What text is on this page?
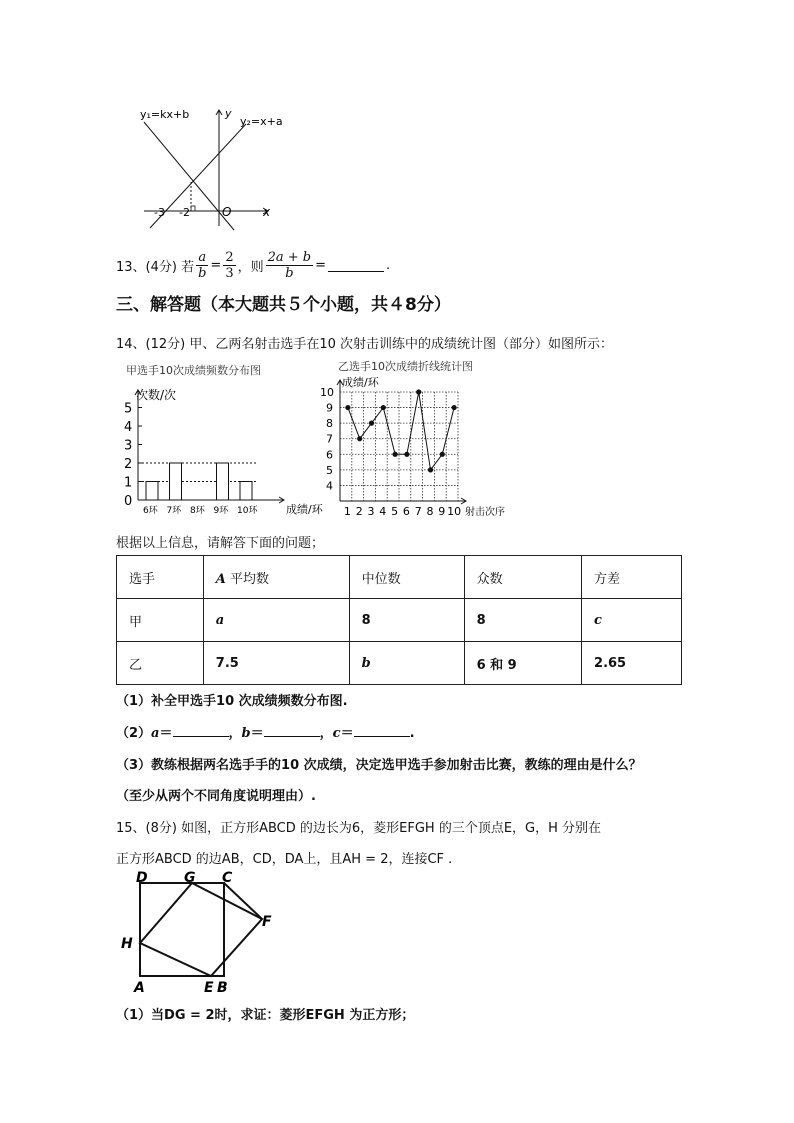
y₁=kx+b
y₂=x+a
y
x
O
-3 -2
13、(4分) 若 $\frac{a}{b} = \frac{2}{3}$ ，则 $\frac{2a + b}{b}$ =	.
三、解答题（本大题共５个小题，共４8分）
14、(12分) 甲、乙两名射击选手在10 次射击训练中的成绩统计图（部分）如图所示：
甲选手10次成绩频数分布图
次数/次
成绩/环
0
1
2
3
4
5
6环 7环 8环 9环 10环
乙选手10次成绩折线统计图
成绩/环
4
5
6
7
8
9
10
射击次序
1 2 3 4 5 6 7 8 9 10
根据以上信息，请解答下面的问题；
选手	A 平均数	中位数	众数	方差
甲	a	8	8	c
乙	7.5	b	6 和 9	2.65
（1）补全甲选手10 次成绩频数分布图.
（2）a＝	，b＝	，c＝	.
（3）教练根据两名选手手的10 次成绩，决定选甲选手参加射击比赛，教练的理由是什么？
（至少从两个不同角度说明理由）.
15、(8分) 如图，正方形ABCD 的边长为6，菱形EFGH 的三个顶点E，G，H 分别在
正方形ABCD 的边AB，CD，DA上，且AH = 2，连接CF .
D	G C
F
H
A	E B
（1）当DG = 2时，求证：菱形EFGH 为正方形；
